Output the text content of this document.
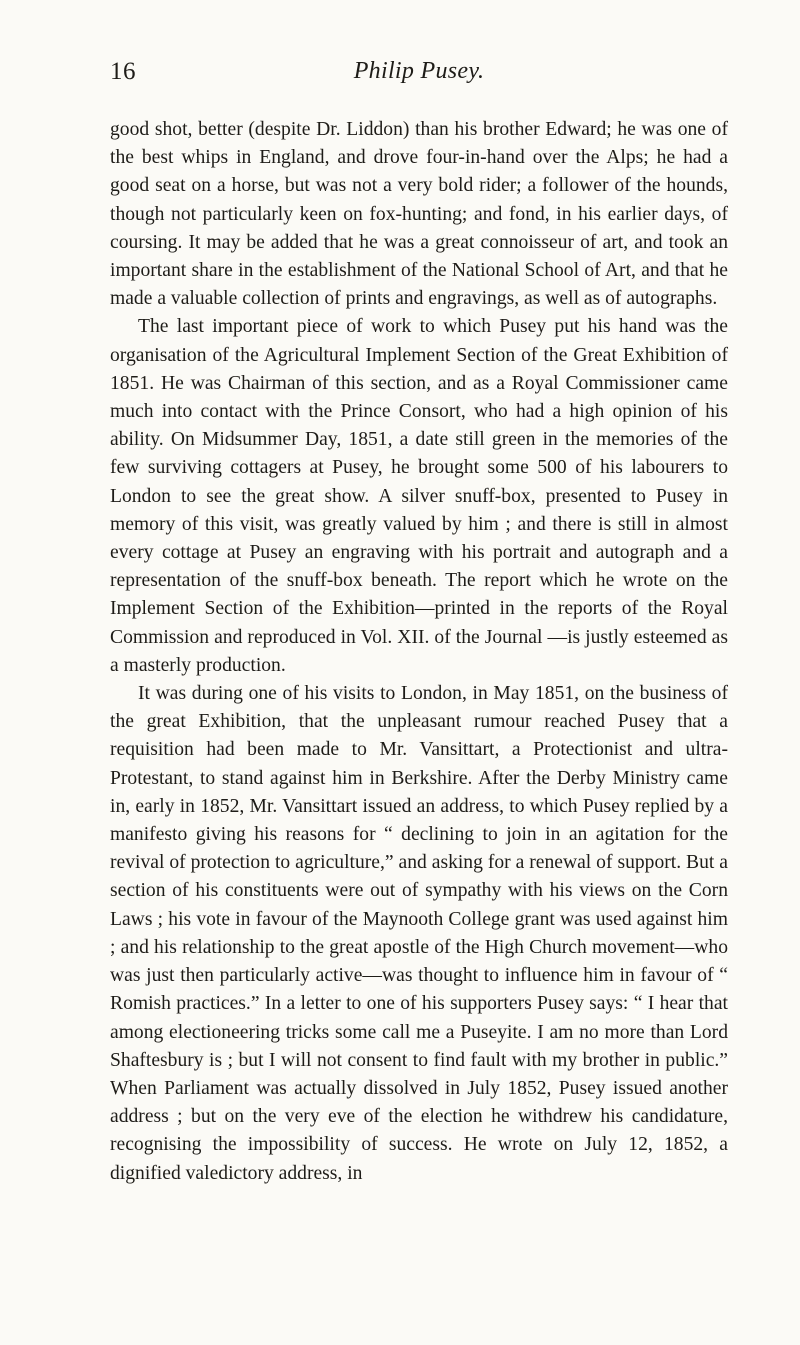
16	Philip Pusey.

good shot, better (despite Dr. Liddon) than his brother Edward; he was one of the best whips in England, and drove four-in-hand over the Alps; he had a good seat on a horse, but was not a very bold rider; a follower of the hounds, though not particularly keen on fox-hunting; and fond, in his earlier days, of coursing. It may be added that he was a great connoisseur of art, and took an important share in the establishment of the National School of Art, and that he made a valuable collection of prints and engravings, as well as of autographs.

The last important piece of work to which Pusey put his hand was the organisation of the Agricultural Implement Section of the Great Exhibition of 1851. He was Chairman of this section, and as a Royal Commissioner came much into contact with the Prince Consort, who had a high opinion of his ability. On Midsummer Day, 1851, a date still green in the memories of the few surviving cottagers at Pusey, he brought some 500 of his labourers to London to see the great show. A silver snuff-box, presented to Pusey in memory of this visit, was greatly valued by him ; and there is still in almost every cottage at Pusey an engraving with his portrait and autograph and a representation of the snuff-box beneath. The report which he wrote on the Implement Section of the Exhibition—printed in the reports of the Royal Commission and reproduced in Vol. XII. of the Journal —is justly esteemed as a masterly production.

It was during one of his visits to London, in May 1851, on the business of the great Exhibition, that the unpleasant rumour reached Pusey that a requisition had been made to Mr. Vansittart, a Protectionist and ultra-Protestant, to stand against him in Berkshire. After the Derby Ministry came in, early in 1852, Mr. Vansittart issued an address, to which Pusey replied by a manifesto giving his reasons for “ declining to join in an agitation for the revival of protection to agriculture,” and asking for a renewal of support. But a section of his constituents were out of sympathy with his views on the Corn Laws ; his vote in favour of the Maynooth College grant was used against him ; and his relationship to the great apostle of the High Church movement—who was just then particularly active—was thought to influence him in favour of “ Romish practices.” In a letter to one of his supporters Pusey says: “ I hear that among electioneering tricks some call me a Puseyite. I am no more than Lord Shaftesbury is ; but I will not consent to find fault with my brother in public.” When Parliament was actually dissolved in July 1852, Pusey issued another address ; but on the very eve of the election he withdrew his candidature, recognising the impossibility of success. He wrote on July 12, 1852, a dignified valedictory address, in
